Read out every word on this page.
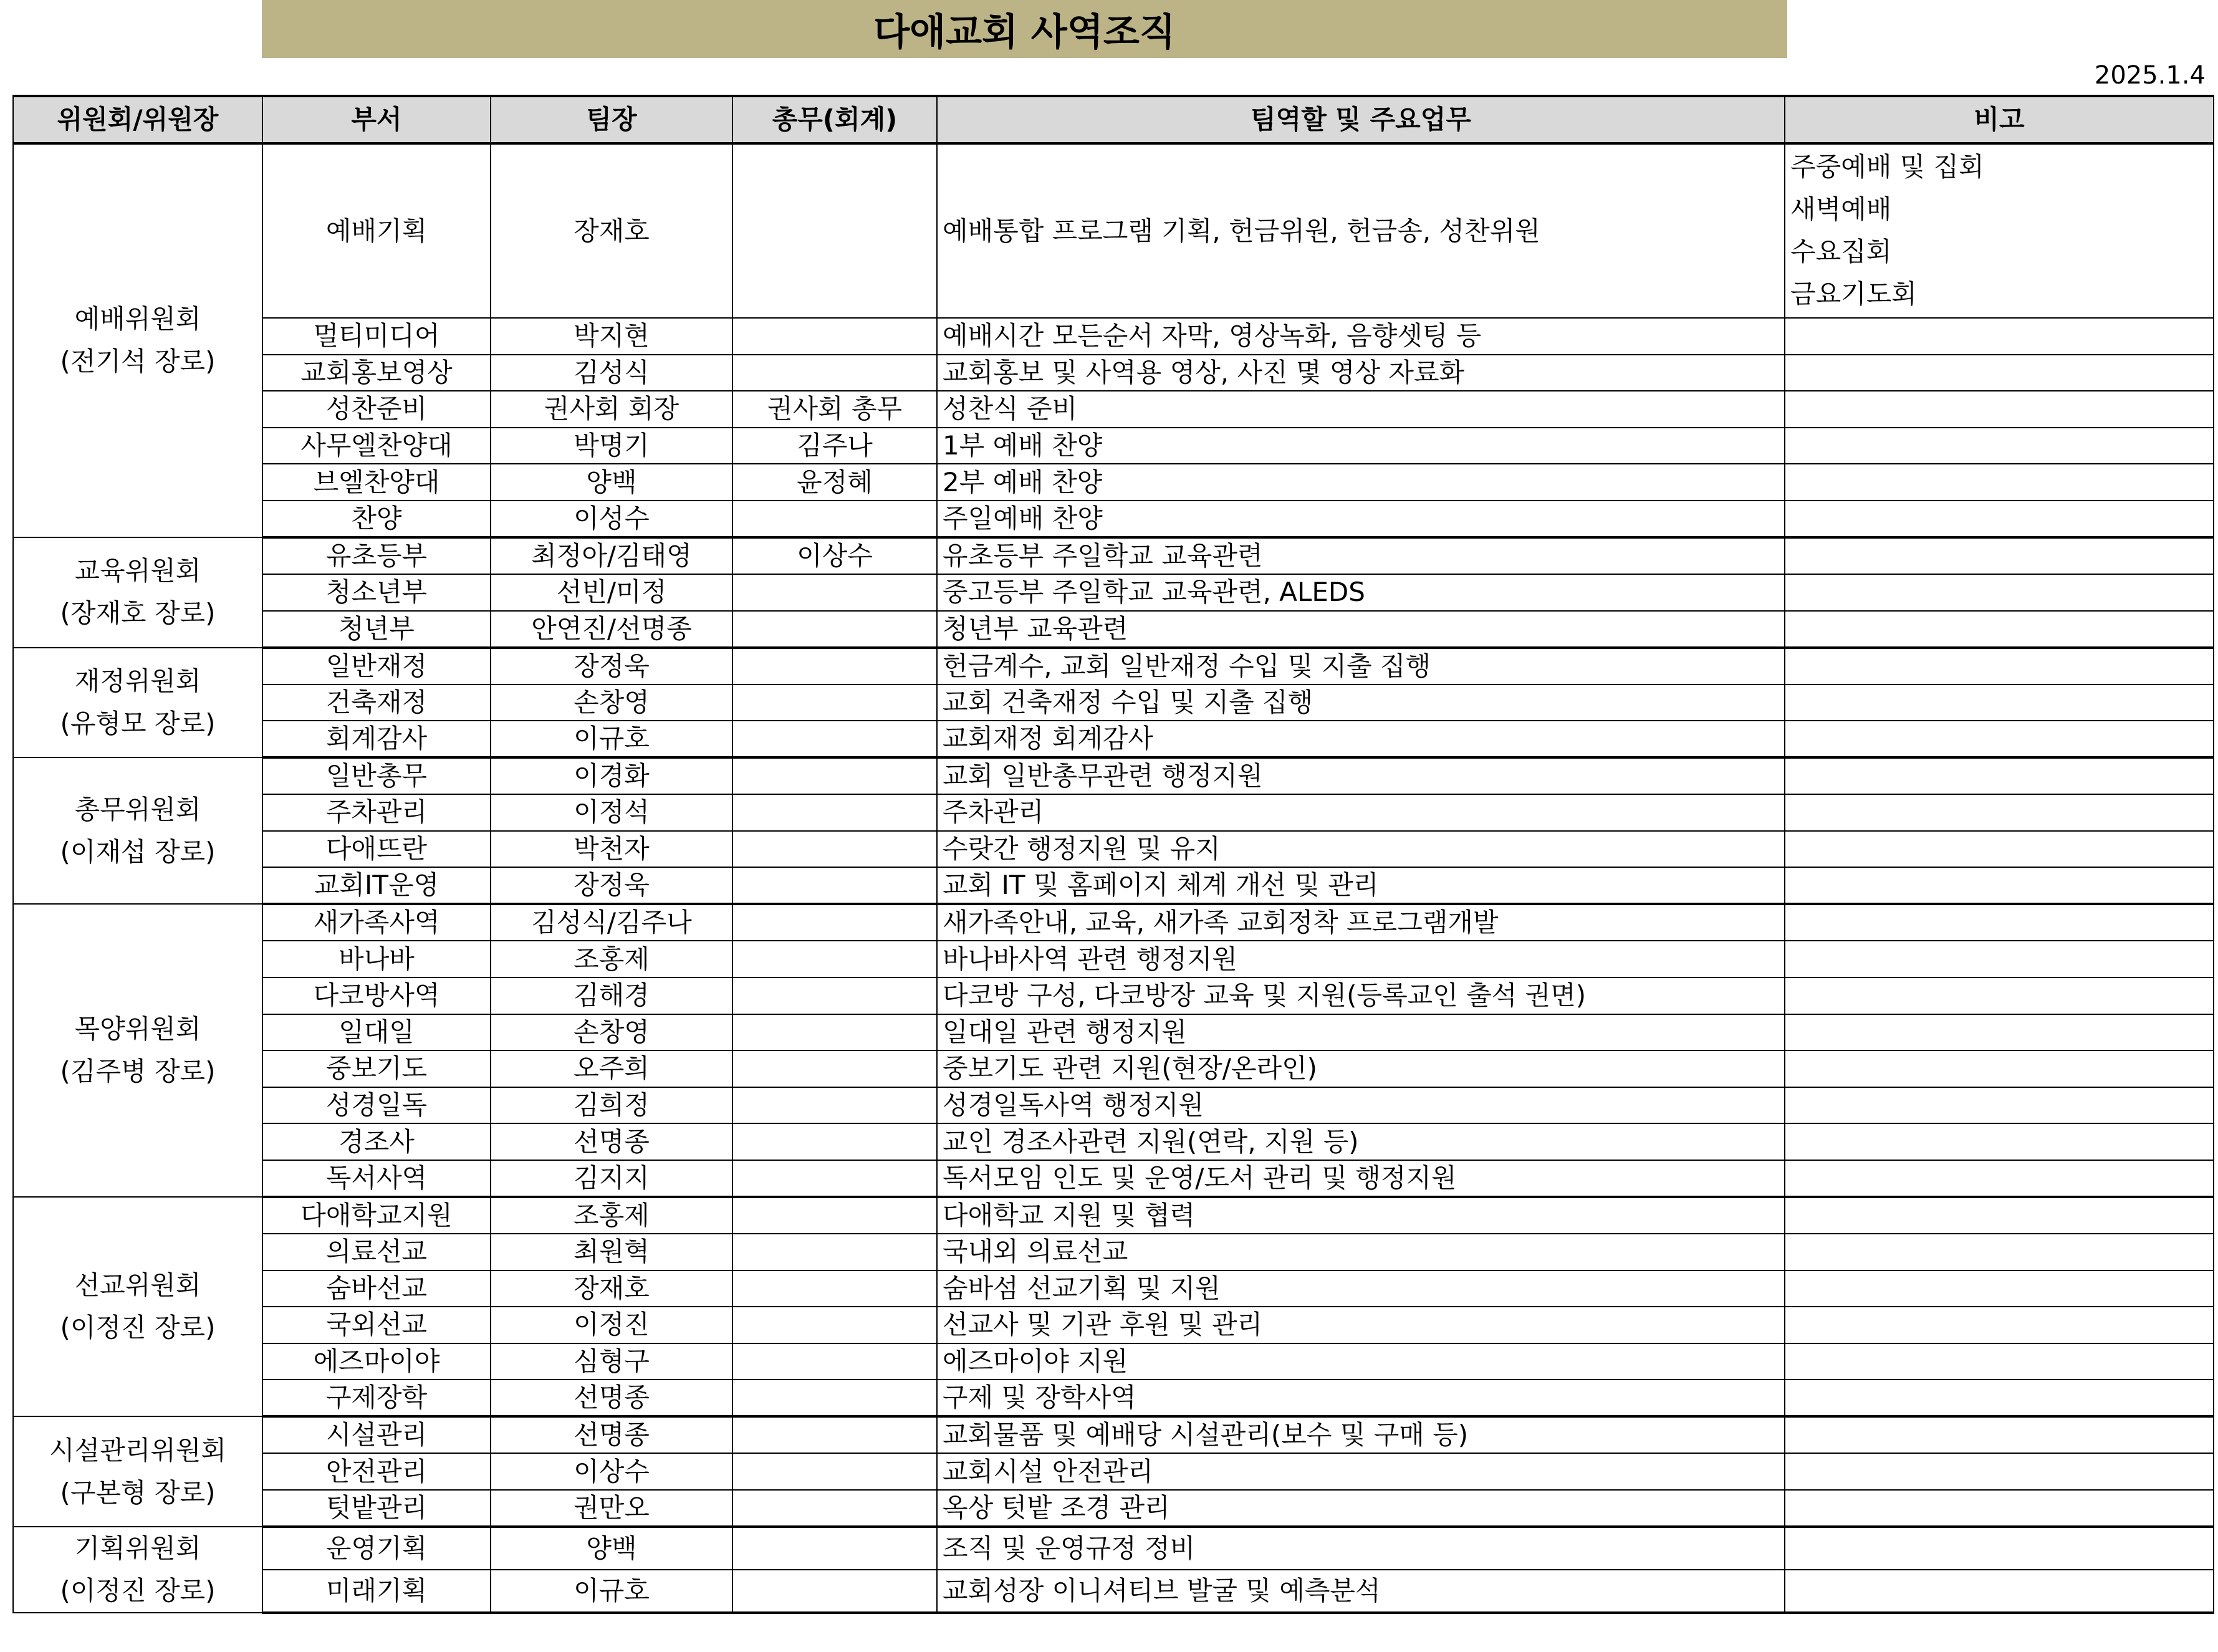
다애교회 사역조직
2025.1.4
위원회/위원장	부서	팀장	총무(회계)	팀역할 및 주요업무	비고

예배위원회
(전기석 장로)	예배기획	장재호		예배통합 프로그램 기획, 헌금위원, 헌금송, 성찬위원	주중예배 및 집회
새벽예배
수요집회
금요기도회

	멀티미디어	박지현		예배시간 모든순서 자막, 영상녹화, 음향셋팅 등	
	교회홍보영상	김성식		교회홍보 및 사역용 영상, 사진 몇 영상 자료화	
	성찬준비	권사회 회장	권사회 총무	성찬식 준비	
	사무엘찬양대	박명기	김주나	1부 예배 찬양	
	브엘찬양대	양백	윤정혜	2부 예배 찬양	
	찬양	이성수		주일예배 찬양	

교육위원회
(장재호 장로)	유초등부	최정아/김태영	이상수	유초등부 주일학교 교육관련	
	청소년부	선빈/미정		중고등부 주일학교 교육관련, ALEDS	
	청년부	안연진/선명종		청년부 교육관련	

재정위원회
(유형모 장로)	일반재정	장정욱		헌금계수, 교회 일반재정 수입 및 지출 집행	
	건축재정	손창영		교회 건축재정 수입 및 지출 집행	
	회계감사	이규호		교회재정 회계감사	

총무위원회
(이재섭 장로)	일반총무	이경화		교회 일반총무관련 행정지원	
	주차관리	이정석		주차관리	
	다애뜨란	박천자		수랏간 행정지원 및 유지	
	교회IT운영	장정욱		교회 IT 및 홈페이지 체계 개선 및 관리	

목양위원회
(김주병 장로)	새가족사역	김성식/김주나		새가족안내, 교육, 새가족 교회정착 프로그램개발	
	바나바	조홍제		바나바사역 관련 행정지원	
	다코방사역	김해경		다코방 구성, 다코방장 교육 및 지원(등록교인 출석 권면)	
	일대일	손창영		일대일 관련 행정지원	
	중보기도	오주희		중보기도 관련 지원(현장/온라인)	
	성경일독	김희정		성경일독사역 행정지원	
	경조사	선명종		교인 경조사관련 지원(연락, 지원 등)	
	독서사역	김지지		독서모임 인도 및 운영/도서 관리 및 행정지원	

선교위원회
(이정진 장로)	다애학교지원	조홍제		다애학교 지원 및 협력	
	의료선교	최원혁		국내외 의료선교	
	숨바선교	장재호		숨바섬 선교기획 및 지원	
	국외선교	이정진		선교사 및 기관 후원 및 관리	
	에즈마이야	심형구		에즈마이야 지원	
	구제장학	선명종		구제 및 장학사역	

시설관리위원회
(구본형 장로)	시설관리	선명종		교회물품 및 예배당 시설관리(보수 및 구매 등)	
	안전관리	이상수		교회시설 안전관리	
	텃밭관리	권만오		옥상 텃밭 조경 관리	

기획위원회
(이정진 장로)	운영기획	양백		조직 및 운영규정 정비	
	미래기획	이규호		교회성장 이니셔티브 발굴 및 예측분석	
